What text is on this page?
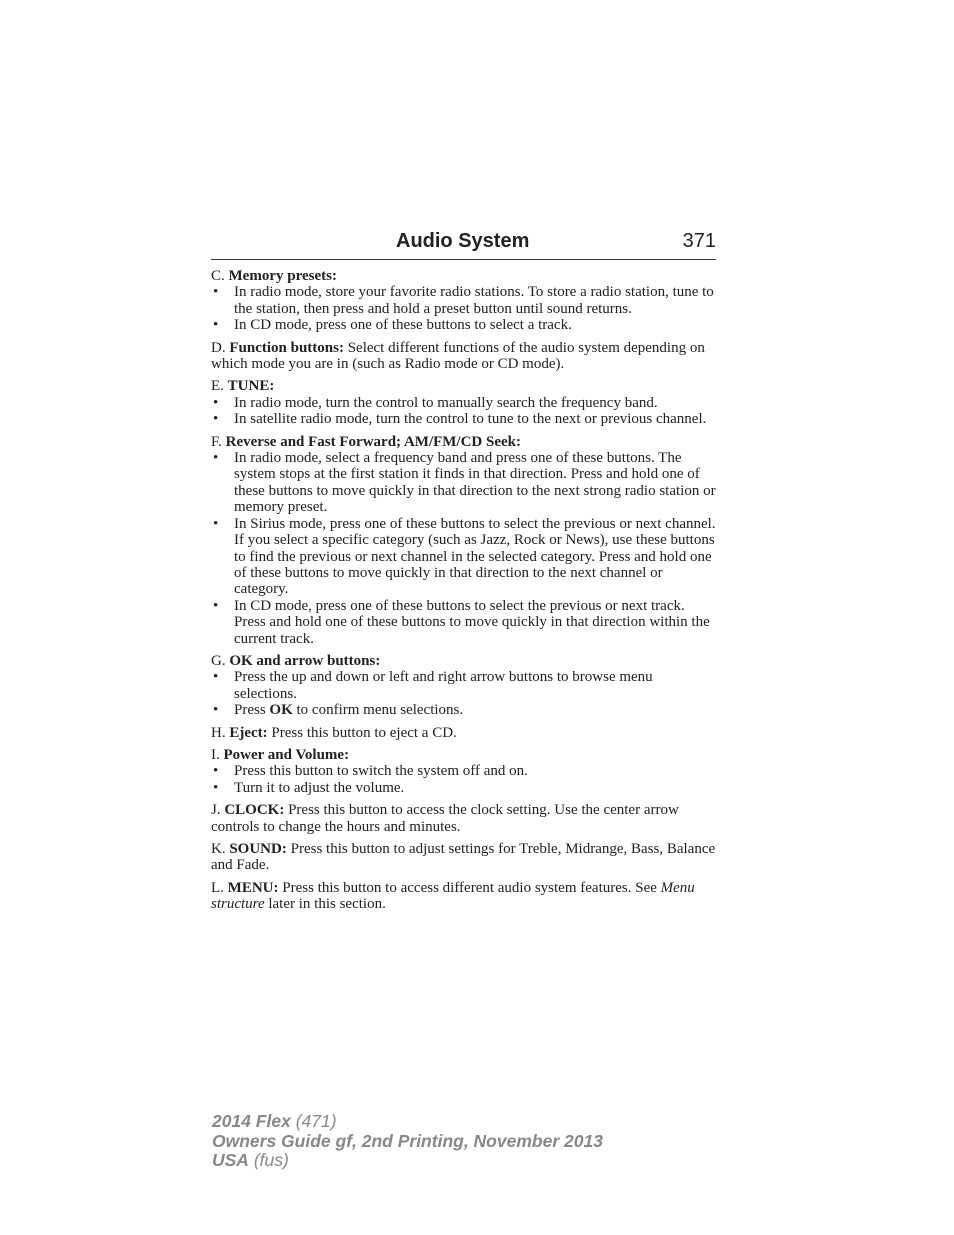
Audio System	371
C. Memory presets:
• In radio mode, store your favorite radio stations. To store a radio station, tune to the station, then press and hold a preset button until sound returns.
• In CD mode, press one of these buttons to select a track.

D. Function buttons: Select different functions of the audio system depending on which mode you are in (such as Radio mode or CD mode).

E. TUNE:
• In radio mode, turn the control to manually search the frequency band.
• In satellite radio mode, turn the control to tune to the next or previous channel.
F. Reverse and Fast Forward; AM/FM/CD Seek:
• In radio mode, select a frequency band and press one of these buttons. The system stops at the first station it finds in that direction. Press and hold one of these buttons to move quickly in that direction to the next strong radio station or memory preset.
• In Sirius mode, press one of these buttons to select the previous or next channel. If you select a specific category (such as Jazz, Rock or News), use these buttons to find the previous or next channel in the selected category. Press and hold one of these buttons to move quickly in that direction to the next channel or category.
• In CD mode, press one of these buttons to select the previous or next track. Press and hold one of these buttons to move quickly in that direction within the current track.
G. OK and arrow buttons:
• Press the up and down or left and right arrow buttons to browse menu selections.
• Press OK to confirm menu selections.

H. Eject: Press this button to eject a CD.

I. Power and Volume:
• Press this button to switch the system off and on.
• Turn it to adjust the volume.

J. CLOCK: Press this button to access the clock setting. Use the center arrow controls to change the hours and minutes.

K. SOUND: Press this button to adjust settings for Treble, Midrange, Bass, Balance and Fade.

L. MENU: Press this button to access different audio system features. See Menu structure later in this section.

2014 Flex (471)
Owners Guide gf, 2nd Printing, November 2013
USA (fus)
